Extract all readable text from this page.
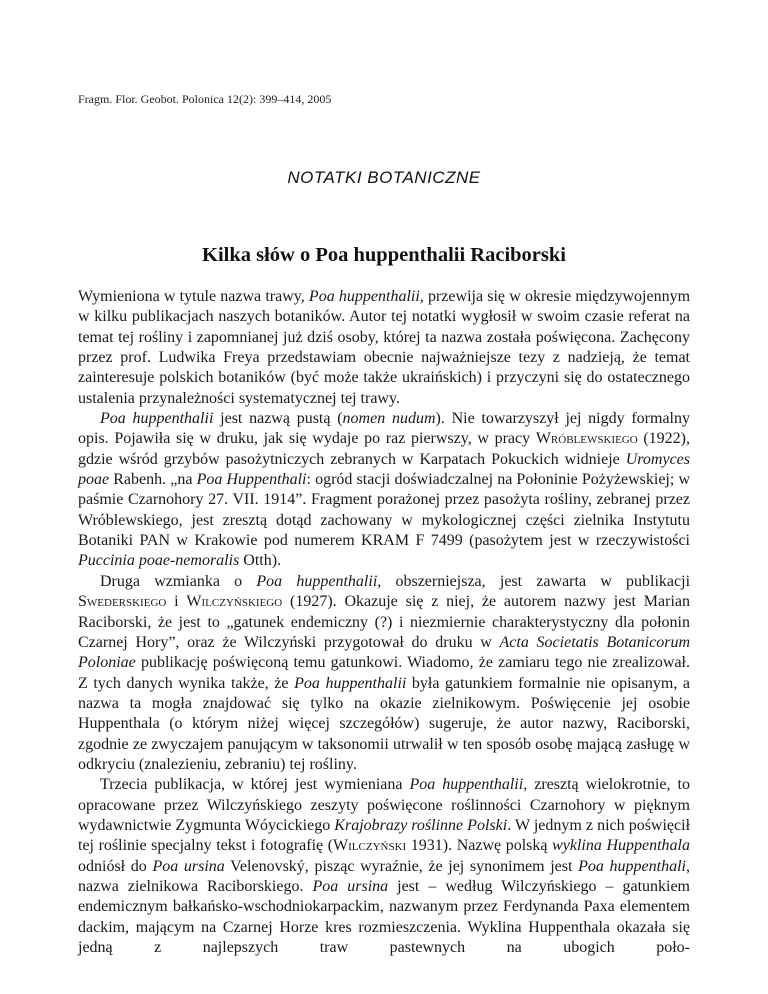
Fragm. Flor. Geobot. Polonica 12(2): 399–414, 2005
NOTATKI BOTANICZNE
Kilka słów o Poa huppenthalii Raciborski

Wymieniona w tytule nazwa trawy, Poa huppenthalii, przewija się w okresie międzywojennym w kilku publikacjach naszych botaników. Autor tej notatki wygłosił w swoim czasie referat na temat tej rośliny i zapomnianej już dziś osoby, której ta nazwa została poświęcona. Zachęcony przez prof. Ludwika Freya przedstawiam obecnie najważniejsze tezy z nadzieją, że temat zainteresuje polskich botaników (być może także ukraińskich) i przyczyni się do ostatecznego ustalenia przynależności systematycznej tej trawy.

Poa huppenthalii jest nazwą pustą (nomen nudum). Nie towarzyszył jej nigdy formalny opis. Pojawiła się w druku, jak się wydaje po raz pierwszy, w pracy Wróblewskiego (1922), gdzie wśród grzybów pasożytniczych zebranych w Karpatach Pokuckich widnieje Uromyces poae Rabenh. „na Poa Huppenthali: ogród stacji doświadczalnej na Połoninie Pożyżewskiej; w paśmie Czarnohory 27. VII. 1914”. Fragment porażonej przez pasożyta rośliny, zebranej przez Wróblewskiego, jest zresztą dotąd zachowany w mykologicznej części zielnika Instytutu Botaniki PAN w Krakowie pod numerem KRAM F 7499 (pasożytem jest w rzeczywistości Puccinia poae-nemoralis Otth).

Druga wzmianka o Poa huppenthalii, obszerniejsza, jest zawarta w publikacji Swederskiego i Wilczyńskiego (1927). Okazuje się z niej, że autorem nazwy jest Marian Raciborski, że jest to „gatunek endemiczny (?) i niezmiernie charakterystyczny dla połonin Czarnej Hory”, oraz że Wilczyński przygotował do druku w Acta Societatis Botanicorum Poloniae publikację poświęconą temu gatunkowi. Wiadomo, że zamiaru tego nie zrealizował. Z tych danych wynika także, że Poa huppenthalii była gatunkiem formalnie nie opisanym, a nazwa ta mogła znajdować się tylko na okazie zielnikowym. Poświęcenie jej osobie Huppenthala (o którym niżej więcej szczegółów) sugeruje, że autor nazwy, Raciborski, zgodnie ze zwyczajem panującym w taksonomii utrwalił w ten sposób osobę mającą zasługę w odkryciu (znalezieniu, zebraniu) tej rośliny.

Trzecia publikacja, w której jest wymieniana Poa huppenthalii, zresztą wielokrotnie, to opracowane przez Wilczyńskiego zeszyty poświęcone roślinności Czarnohory w pięknym wydawnictwie Zygmunta Wóycickiego Krajobrazy roślinne Polski. W jednym z nich poświęcił tej roślinie specjalny tekst i fotografię (Wilczyński 1931). Nazwę polską wyklina Huppenthala odniósł do Poa ursina Velenovský, pisząc wyraźnie, że jej synonimem jest Poa huppenthali, nazwa zielnikowa Raciborskiego. Poa ursina jest – według Wilczyńskiego – gatunkiem endemicznym bałkańsko-wschodniokarpackim, nazwanym przez Ferdynanda Paxa elementem dackim, mającym na Czarnej Horze kres rozmieszczenia. Wyklina Huppenthala okazała się jedną z najlepszych traw pastewnych na ubogich poło-
